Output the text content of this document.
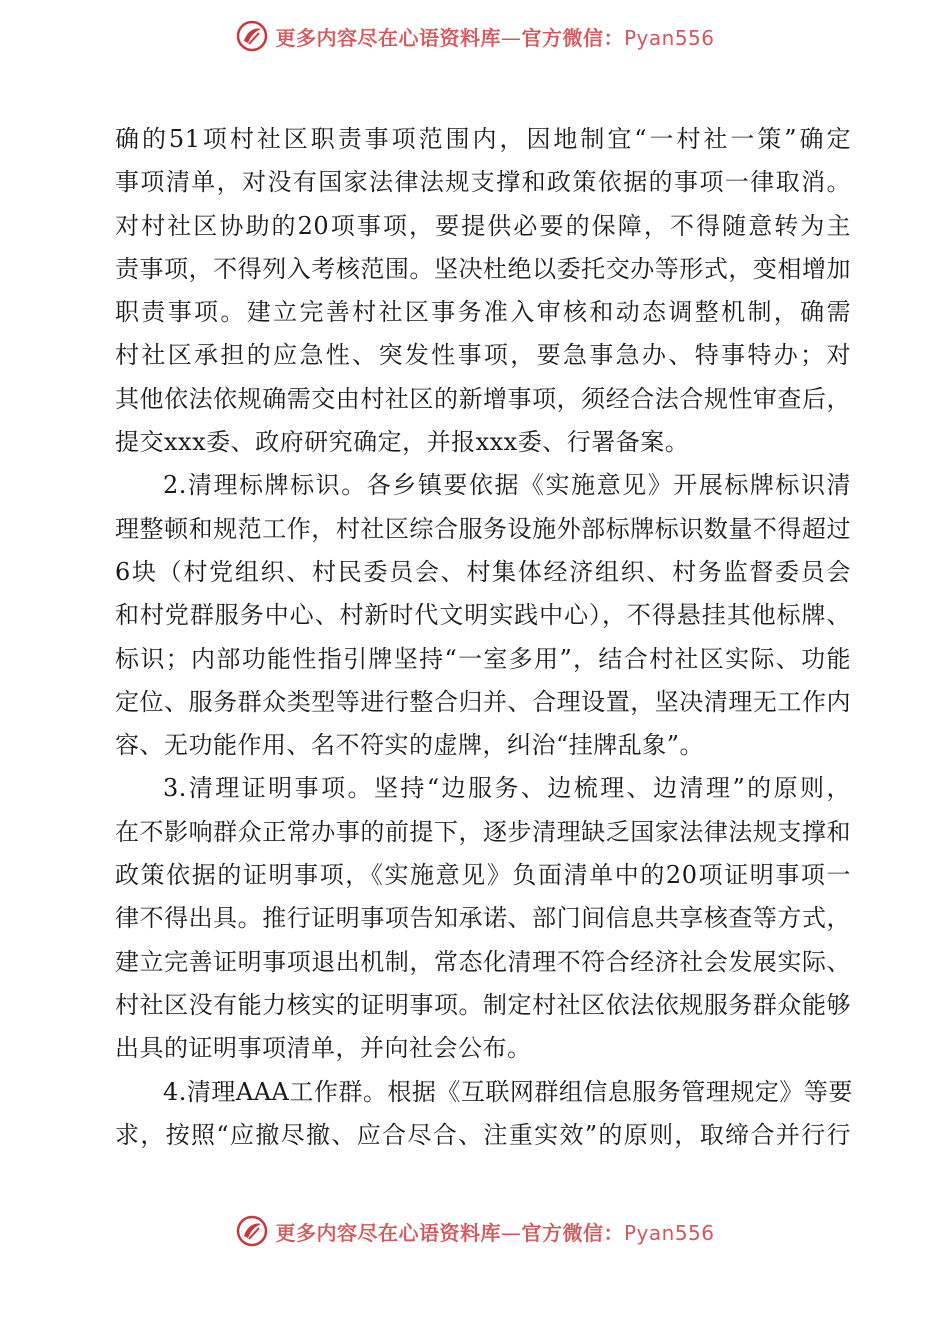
更多内容尽在心语资料库—官方微信：Pyan556
确的51项村社区职责事项范围内，因地制宜“一村社一策”确定
事项清单，对没有国家法律法规支撑和政策依据的事项一律取消。
对村社区协助的20项事项，要提供必要的保障，不得随意转为主
责事项，不得列入考核范围。坚决杜绝以委托交办等形式，变相增加
职责事项。建立完善村社区事务准入审核和动态调整机制，确需
村社区承担的应急性、突发性事项，要急事急办、特事特办；对
其他依法依规确需交由村社区的新增事项，须经合法合规性审查后，
提交xxx委、政府研究确定，并报xxx委、行署备案。
2.清理标牌标识。各乡镇要依据《实施意见》开展标牌标识清
理整顿和规范工作，村社区综合服务设施外部标牌标识数量不得超过
6块（村党组织、村民委员会、村集体经济组织、村务监督委员会
和村党群服务中心、村新时代文明实践中心），不得悬挂其他标牌、
标识；内部功能性指引牌坚持“一室多用”，结合村社区实际、功能
定位、服务群众类型等进行整合归并、合理设置，坚决清理无工作内
容、无功能作用、名不符实的虚牌，纠治“挂牌乱象”。
3.清理证明事项。坚持“边服务、边梳理、边清理”的原则，
在不影响群众正常办事的前提下，逐步清理缺乏国家法律法规支撑和
政策依据的证明事项，《实施意见》负面清单中的20项证明事项一
律不得出具。推行证明事项告知承诺、部门间信息共享核查等方式，
建立完善证明事项退出机制，常态化清理不符合经济社会发展实际、
村社区没有能力核实的证明事项。制定村社区依法依规服务群众能够
出具的证明事项清单，并向社会公布。
4.清理AAA工作群。根据《互联网群组信息服务管理规定》等要
求，按照“应撤尽撤、应合尽合、注重实效”的原则，取缔合并行行
更多内容尽在心语资料库—官方微信：Pyan556
